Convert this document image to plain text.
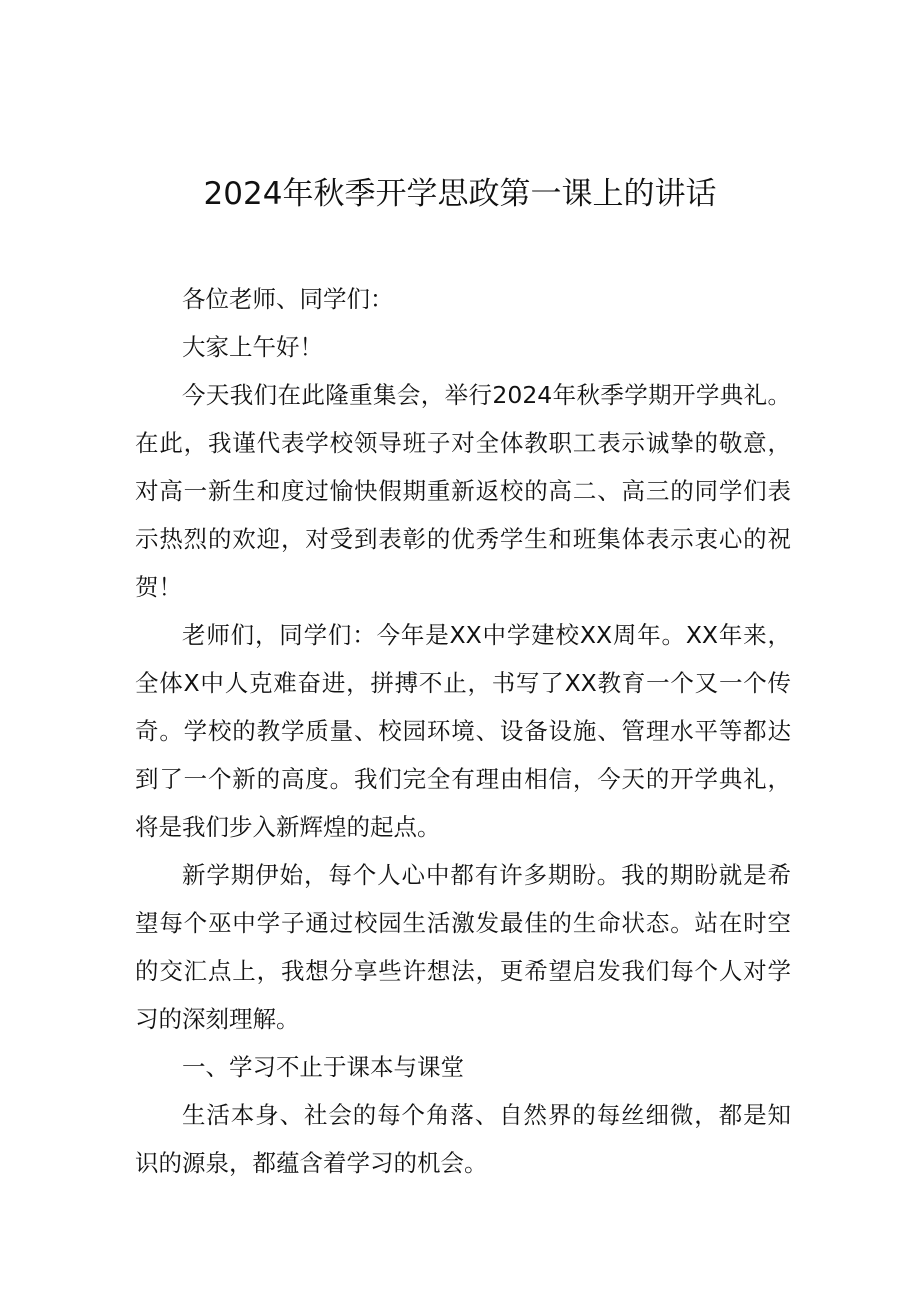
2024年秋季开学思政第一课上的讲话

各位老师、同学们：

大家上午好！

今天我们在此隆重集会，举行2024年秋季学期开学典礼。在此，我谨代表学校领导班子对全体教职工表示诚挚的敬意，对高一新生和度过愉快假期重新返校的高二、高三的同学们表示热烈的欢迎，对受到表彰的优秀学生和班集体表示衷心的祝贺！

老师们，同学们：今年是XX中学建校XX周年。XX年来，全体X中人克难奋进，拼搏不止，书写了XX教育一个又一个传奇。学校的教学质量、校园环境、设备设施、管理水平等都达到了一个新的高度。我们完全有理由相信，今天的开学典礼，将是我们步入新辉煌的起点。

新学期伊始，每个人心中都有许多期盼。我的期盼就是希望每个巫中学子通过校园生活激发最佳的生命状态。站在时空的交汇点上，我想分享些许想法，更希望启发我们每个人对学习的深刻理解。

一、学习不止于课本与课堂

生活本身、社会的每个角落、自然界的每丝细微，都是知识的源泉，都蕴含着学习的机会。
